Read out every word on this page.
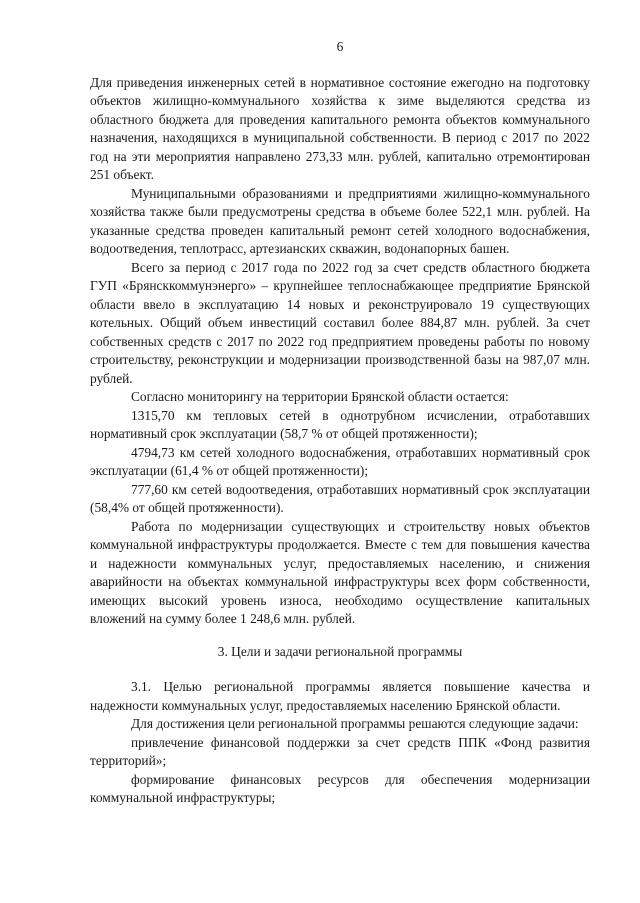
6

Для приведения инженерных сетей в нормативное состояние ежегодно на подготовку объектов жилищно-коммунального хозяйства к зиме выделяются средства из областного бюджета для проведения капитального ремонта объектов коммунального назначения, находящихся в муниципальной собственности. В период с 2017 по 2022 год на эти мероприятия направлено 273,33 млн. рублей, капитально отремонтирован 251 объект.

Муниципальными образованиями и предприятиями жилищно-коммунального хозяйства также были предусмотрены средства в объеме более 522,1 млн. рублей. На указанные средства проведен капитальный ремонт сетей холодного водоснабжения, водоотведения, теплотрасс, артезианских скважин, водонапорных башен.

Всего за период с 2017 года по 2022 год за счет средств областного бюджета ГУП «Брянсккоммунэнерго» – крупнейшее теплоснабжающее предприятие Брянской области ввело в эксплуатацию 14 новых и реконструировало 19 существующих котельных. Общий объем инвестиций составил более 884,87 млн. рублей. За счет собственных средств с 2017 по 2022 год предприятием проведены работы по новому строительству, реконструкции и модернизации производственной базы на 987,07 млн. рублей.

Согласно мониторингу на территории Брянской области остается:

1315,70 км тепловых сетей в однотрубном исчислении, отработавших нормативный срок эксплуатации (58,7 % от общей протяженности);

4794,73 км сетей холодного водоснабжения, отработавших нормативный срок эксплуатации (61,4 % от общей протяженности);

777,60 км сетей водоотведения, отработавших нормативный срок эксплуатации (58,4% от общей протяженности).

Работа по модернизации существующих и строительству новых объектов коммунальной инфраструктуры продолжается. Вместе с тем для повышения качества и надежности коммунальных услуг, предоставляемых населению, и снижения аварийности на объектах коммунальной инфраструктуры всех форм собственности, имеющих высокий уровень износа, необходимо осуществление капитальных вложений на сумму более 1 248,6 млн. рублей.

3. Цели и задачи региональной программы

3.1. Целью региональной программы является повышение качества и надежности коммунальных услуг, предоставляемых населению Брянской области.

Для достижения цели региональной программы решаются следующие задачи:

привлечение финансовой поддержки за счет средств ППК «Фонд развития территорий»;

формирование финансовых ресурсов для обеспечения модернизации коммунальной инфраструктуры;
